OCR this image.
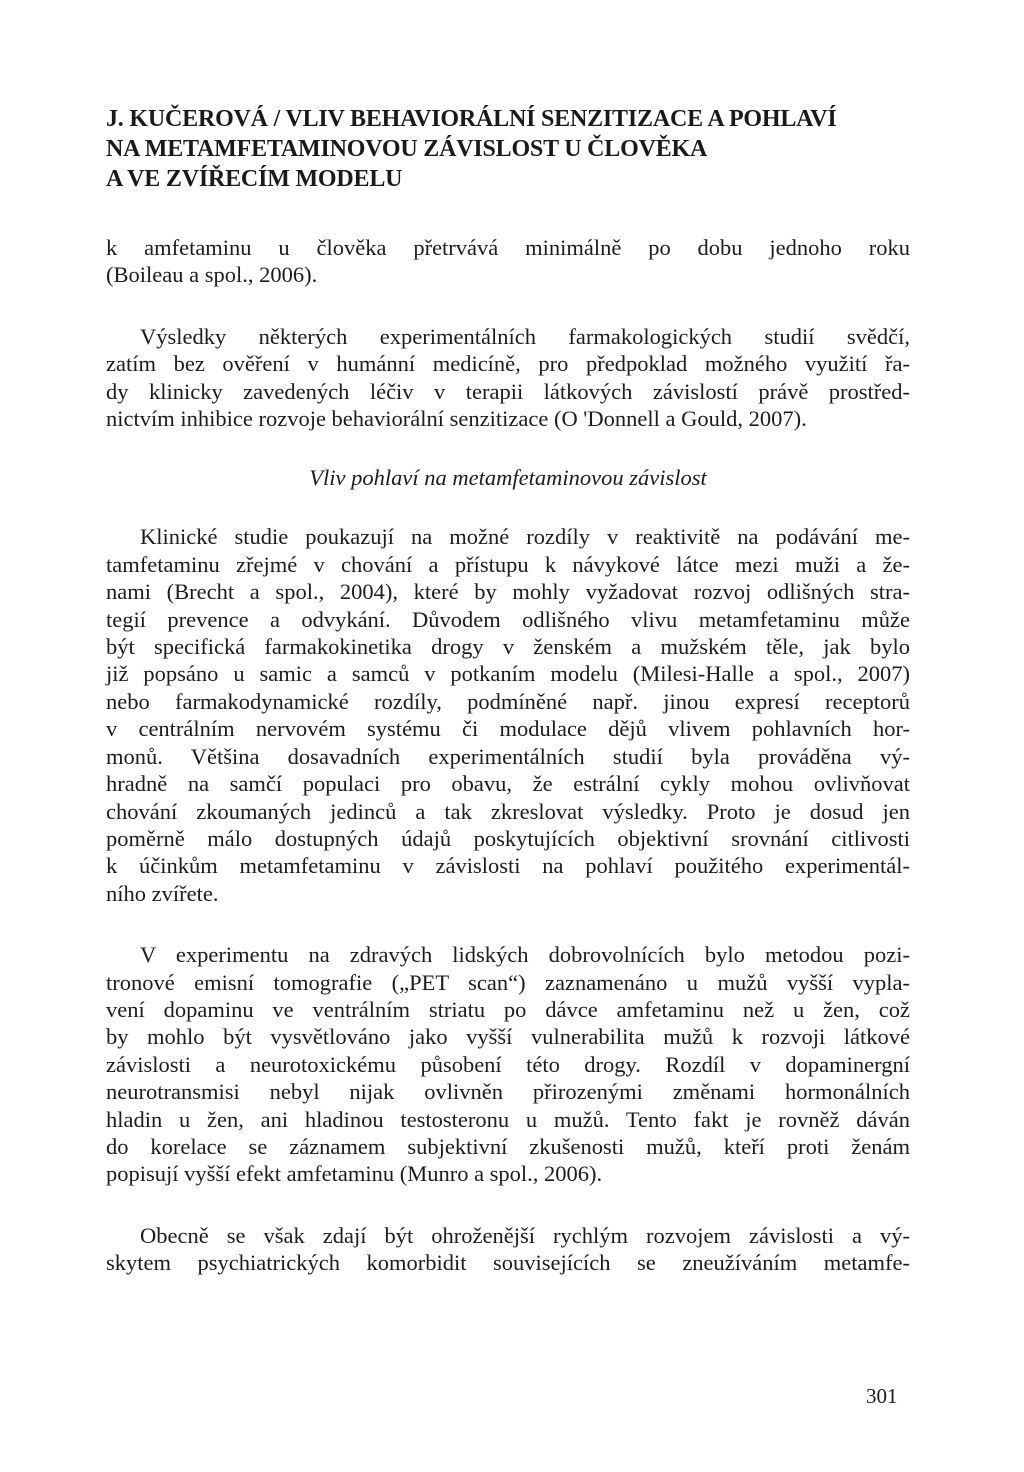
J. KUČEROVÁ / VLIV BEHAVIORÁLNÍ SENZITIZACE A POHLAVÍ
NA METAMFETAMINOVOU ZÁVISLOST U ČLOVĚKA
A VE ZVÍŘECÍM MODELU
k amfetaminu u člověka přetrvává minimálně po dobu jednoho roku
(Boileau a spol., 2006).
Výsledky některých experimentálních farmakologických studií svědčí,
zatím bez ověření v humánní medicíně, pro předpoklad možného využití řa-
dy klinicky zavedených léčiv v terapii látkových závislostí právě prostřed-
nictvím inhibice rozvoje behaviorální senzitizace (O 'Donnell a Gould, 2007).
Vliv pohlaví na metamfetaminovou závislost
Klinické studie poukazují na možné rozdíly v reaktivitě na podávání me-
tamfetaminu zřejmé v chování a přístupu k návykové látce mezi muži a že-
nami (Brecht a spol., 2004), které by mohly vyžadovat rozvoj odlišných stra-
tegií prevence a odvykání. Důvodem odlišného vlivu metamfetaminu může
být specifická farmakokinetika drogy v ženském a mužském těle, jak bylo
již popsáno u samic a samců v potkaním modelu (Milesi-Halle a spol., 2007)
nebo farmakodynamické rozdíly, podmíněné např. jinou expresí receptorů
v centrálním nervovém systému či modulace dějů vlivem pohlavních hor-
monů. Většina dosavadních experimentálních studií byla prováděna vý-
hradně na samčí populaci pro obavu, že estrální cykly mohou ovlivňovat
chování zkoumaných jedinců a tak zkreslovat výsledky. Proto je dosud jen
poměrně málo dostupných údajů poskytujících objektivní srovnání citlivosti
k účinkům metamfetaminu v závislosti na pohlaví použitého experimentál-
ního zvířete.
V experimentu na zdravých lidských dobrovolnících bylo metodou pozi-
tronové emisní tomografie („PET scan“) zaznamenáno u mužů vyšší vypla-
vení dopaminu ve ventrálním striatu po dávce amfetaminu než u žen, což
by mohlo být vysvětlováno jako vyšší vulnerabilita mužů k rozvoji látkové
závislosti a neurotoxickému působení této drogy. Rozdíl v dopaminergní
neurotransmisi nebyl nijak ovlivněn přirozenými změnami hormonálních
hladin u žen, ani hladinou testosteronu u mužů. Tento fakt je rovněž dáván
do korelace se záznamem subjektivní zkušenosti mužů, kteří proti ženám
popisují vyšší efekt amfetaminu (Munro a spol., 2006).
Obecně se však zdají být ohroženější rychlým rozvojem závislosti a vý-
skytem psychiatrických komorbidit souvisejících se zneužíváním metamfe-
301
